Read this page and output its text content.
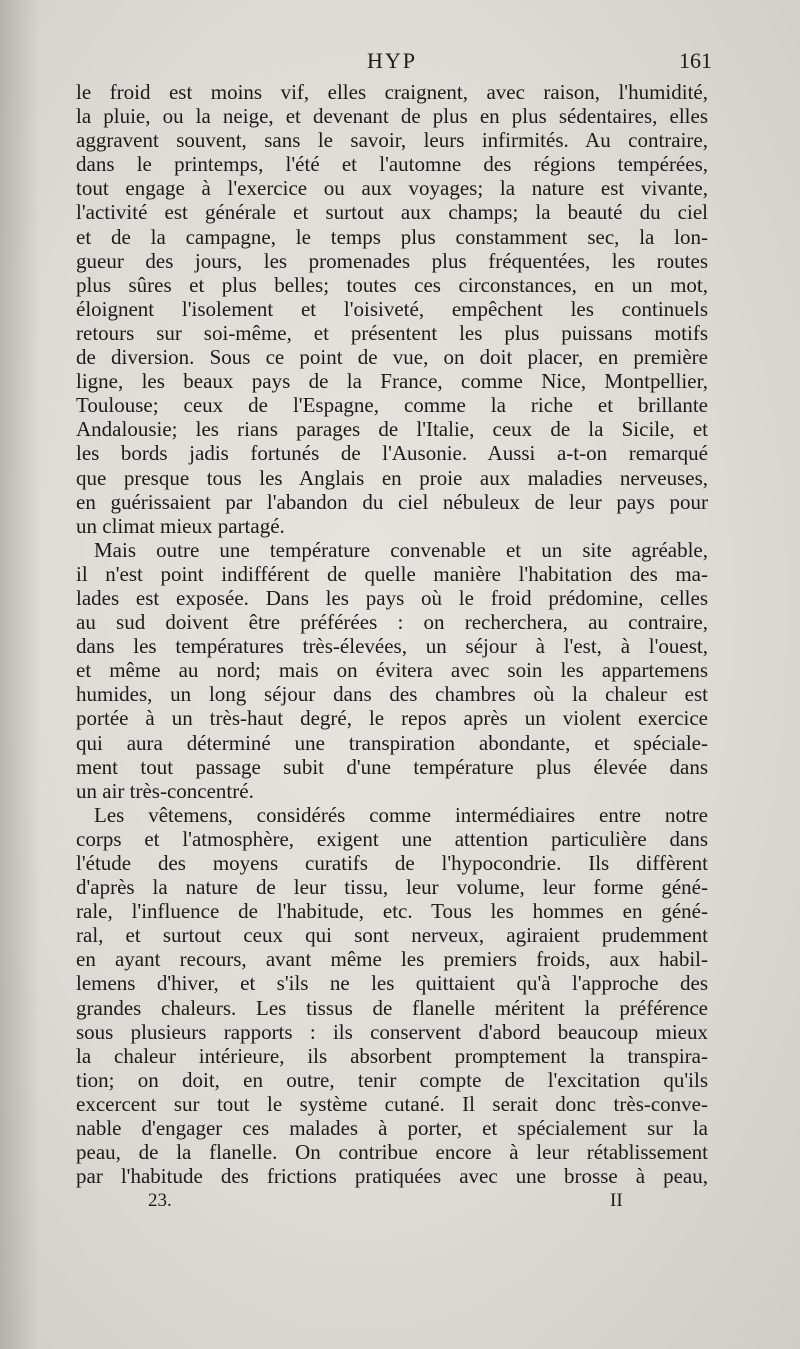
HYP	161
le froid est moins vif, elles craignent, avec raison, l'humidité,
la pluie, ou la neige, et devenant de plus en plus sédentaires, elles
aggravent souvent, sans le savoir, leurs infirmités. Au contraire,
dans le printemps, l'été et l'automne des régions tempérées,
tout engage à l'exercice ou aux voyages; la nature est vivante,
l'activité est générale et surtout aux champs; la beauté du ciel
et de la campagne, le temps plus constamment sec, la lon-
gueur des jours, les promenades plus fréquentées, les routes
plus sûres et plus belles; toutes ces circonstances, en un mot,
éloignent l'isolement et l'oisiveté, empêchent les continuels
retours sur soi-même, et présentent les plus puissans motifs
de diversion. Sous ce point de vue, on doit placer, en première
ligne, les beaux pays de la France, comme Nice, Montpellier,
Toulouse; ceux de l'Espagne, comme la riche et brillante
Andalousie; les rians parages de l'Italie, ceux de la Sicile, et
les bords jadis fortunés de l'Ausonie. Aussi a-t-on remarqué
que presque tous les Anglais en proie aux maladies nerveuses,
en guérissaient par l'abandon du ciel nébuleux de leur pays pour
un climat mieux partagé.
Mais outre une température convenable et un site agréable,
il n'est point indifférent de quelle manière l'habitation des ma-
lades est exposée. Dans les pays où le froid prédomine, celles
au sud doivent être préférées : on recherchera, au contraire,
dans les températures très-élevées, un séjour à l'est, à l'ouest,
et même au nord; mais on évitera avec soin les appartemens
humides, un long séjour dans des chambres où la chaleur est
portée à un très-haut degré, le repos après un violent exercice
qui aura déterminé une transpiration abondante, et spéciale-
ment tout passage subit d'une température plus élevée dans
un air très-concentré.
Les vêtemens, considérés comme intermédiaires entre notre
corps et l'atmosphère, exigent une attention particulière dans
l'étude des moyens curatifs de l'hypocondrie. Ils diffèrent
d'après la nature de leur tissu, leur volume, leur forme géné-
rale, l'influence de l'habitude, etc. Tous les hommes en géné-
ral, et surtout ceux qui sont nerveux, agiraient prudemment
en ayant recours, avant même les premiers froids, aux habil-
lemens d'hiver, et s'ils ne les quittaient qu'à l'approche des
grandes chaleurs. Les tissus de flanelle méritent la préférence
sous plusieurs rapports : ils conservent d'abord beaucoup mieux
la chaleur intérieure, ils absorbent promptement la transpira-
tion; on doit, en outre, tenir compte de l'excitation qu'ils
excercent sur tout le système cutané. Il serait donc très-conve-
nable d'engager ces malades à porter, et spécialement sur la
peau, de la flanelle. On contribue encore à leur rétablissement
par l'habitude des frictions pratiquées avec une brosse à peau,
23.	II
